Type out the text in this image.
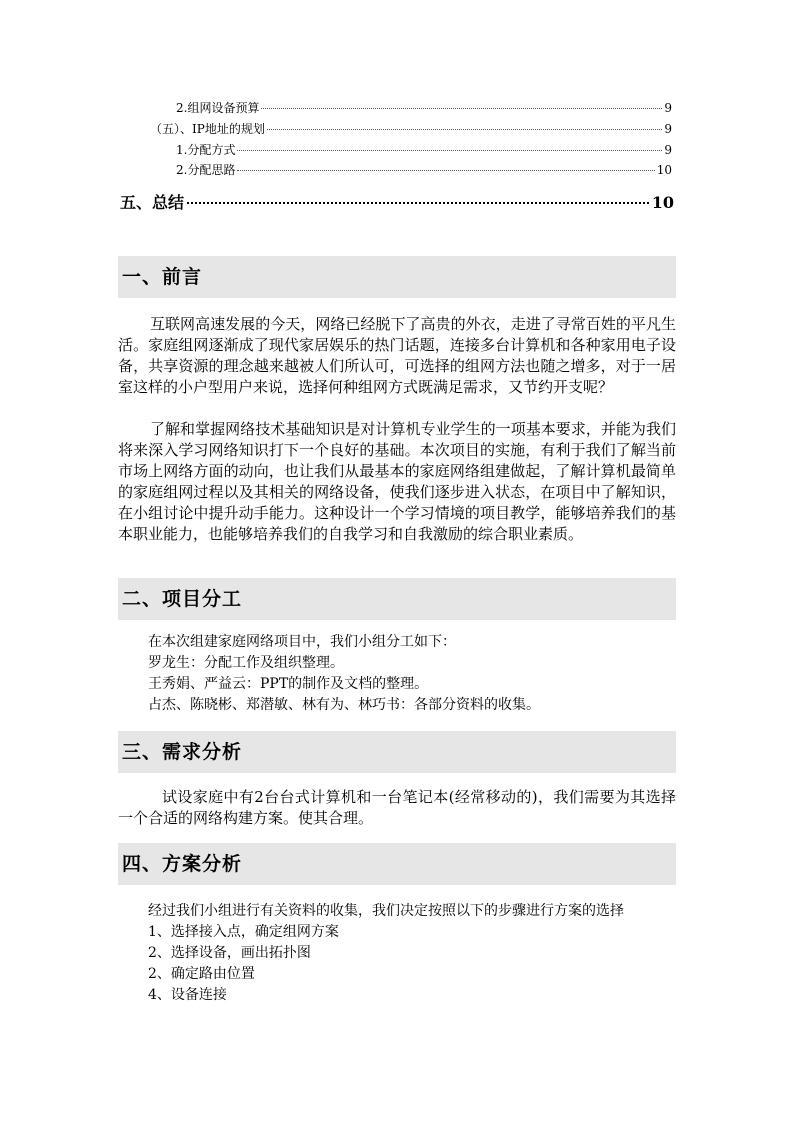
2.组网设备预算	9
（五）、IP地址的规划	9
1.分配方式	9
2.分配思路	10
五、总结	10
一、前言

互联网高速发展的今天，网络已经脱下了高贵的外衣，走进了寻常百姓的平凡生活。家庭组网逐渐成了现代家居娱乐的热门话题，连接多台计算机和各种家用电子设备，共享资源的理念越来越被人们所认可，可选择的组网方法也随之增多，对于一居室这样的小户型用户来说，选择何种组网方式既满足需求，又节约开支呢？

了解和掌握网络技术基础知识是对计算机专业学生的一项基本要求，并能为我们将来深入学习网络知识打下一个良好的基础。本次项目的实施，有利于我们了解当前市场上网络方面的动向，也让我们从最基本的家庭网络组建做起，了解计算机最简单的家庭组网过程以及其相关的网络设备，使我们逐步进入状态，在项目中了解知识，在小组讨论中提升动手能力。这种设计一个学习情境的项目教学，能够培养我们的基本职业能力，也能够培养我们的自我学习和自我激励的综合职业素质。

二、项目分工
在本次组建家庭网络项目中，我们小组分工如下：
罗龙生：分配工作及组织整理。
王秀娟、严益云：PPT的制作及文档的整理。
占杰、陈晓彬、郑潜敏、林有为、林巧书：各部分资料的收集。
三、需求分析

试设家庭中有2台台式计算机和一台笔记本(经常移动的)，我们需要为其选择一个合适的网络构建方案。使其合理。

四、方案分析
经过我们小组进行有关资料的收集，我们决定按照以下的步骤进行方案的选择
1、选择接入点，确定组网方案
2、选择设备，画出拓扑图
2、确定路由位置
4、设备连接
